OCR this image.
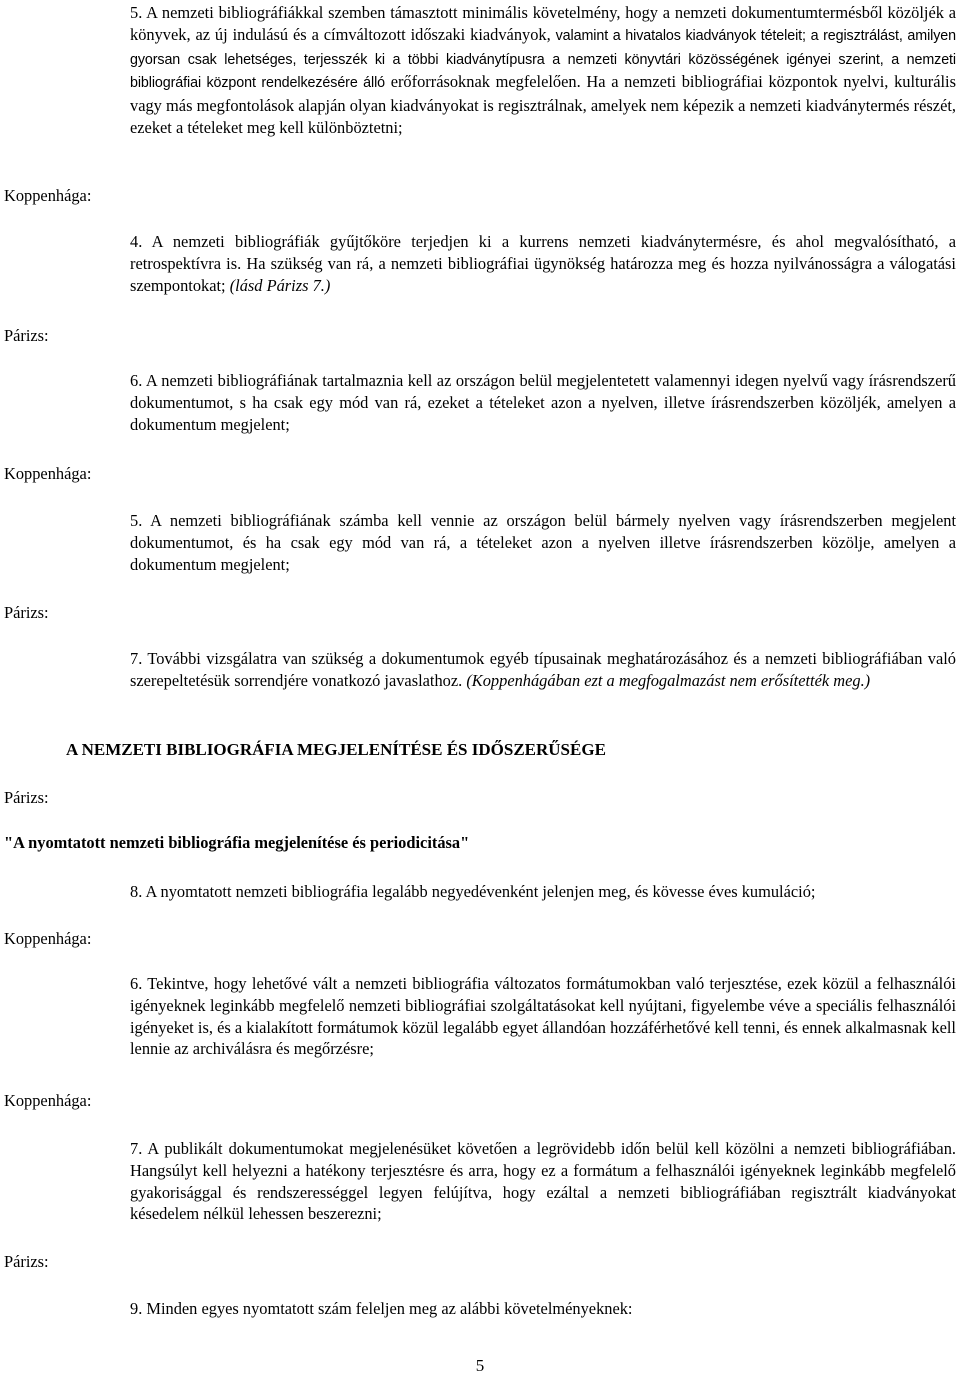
5. A nemzeti bibliográfiákkal szemben támasztott minimális követelmény, hogy a nemzeti dokumentumtermésből közöljék a könyvek, az új indulású és a címváltozott időszaki kiadványok, valamint a hivatalos kiadványok tételeit; a regisztrálást, amilyen gyorsan csak lehetséges, terjesszék ki a többi kiadványtípusra a nemzeti könyvtári közösségének igényei szerint, a nemzeti bibliográfiai központ rendelkezésére álló erőforrásoknak megfelelően. Ha a nemzeti bibliográfiai központok nyelvi, kulturális vagy más megfontolások alapján olyan kiadványokat is regisztrálnak, amelyek nem képezik a nemzeti kiadványtermés részét, ezeket a tételeket meg kell különböztetni;

Koppenhága:

4. A nemzeti bibliográfiák gyűjtőköre terjedjen ki a kurrens nemzeti kiadványtermésre, és ahol megvalósítható, a retrospektívra is. Ha szükség van rá, a nemzeti bibliográfiai ügynökség határozza meg és hozza nyilvánosságra a válogatási szempontokat; (lásd Párizs 7.)

Párizs:

6. A nemzeti bibliográfiának tartalmaznia kell az országon belül megjelentetett valamennyi idegen nyelvű vagy írásrendszerű dokumentumot, s ha csak egy mód van rá, ezeket a tételeket azon a nyelven, illetve írásrendszerben közöljék, amelyen a dokumentum megjelent;

Koppenhága:

5. A nemzeti bibliográfiának számba kell vennie az országon belül bármely nyelven vagy írásrendszerben megjelent dokumentumot, és ha csak egy mód van rá, a tételeket azon a nyelven illetve írásrendszerben közölje, amelyen a dokumentum megjelent;

Párizs:

7. További vizsgálatra van szükség a dokumentumok egyéb típusainak meghatározásához és a nemzeti bibliográfiában való szerepeltetésük sorrendjére vonatkozó javaslathoz. (Koppenhágában ezt a megfogalmazást nem erősítették meg.)

A NEMZETI BIBLIOGRÁFIA MEGJELENÍTÉSE ÉS IDŐSZERŰSÉGE

Párizs:

"A nyomtatott nemzeti bibliográfia megjelenítése és periodicitása"

8. A nyomtatott nemzeti bibliográfia legalább negyedévenként jelenjen meg, és kövesse éves kumuláció;

Koppenhága:

6. Tekintve, hogy lehetővé vált a nemzeti bibliográfia változatos formátumokban való terjesztése, ezek közül a felhasználói igényeknek leginkább megfelelő nemzeti bibliográfiai szolgáltatásokat kell nyújtani, figyelembe véve a speciális felhasználói igényeket is, és a kialakított formátumok közül legalább egyet állandóan hozzáférhetővé kell tenni, és ennek alkalmasnak kell lennie az archiválásra és megőrzésre;

Koppenhága:

7. A publikált dokumentumokat megjelenésüket követően a legrövidebb időn belül kell közölni a nemzeti bibliográfiában. Hangsúlyt kell helyezni a hatékony terjesztésre és arra, hogy ez a formátum a felhasználói igényeknek leginkább megfelelő gyakorisággal és rendszerességgel legyen felújítva, hogy ezáltal a nemzeti bibliográfiában regisztrált kiadványokat késedelem nélkül lehessen beszerezni;

Párizs:

9. Minden egyes nyomtatott szám feleljen meg az alábbi követelményeknek:

5
